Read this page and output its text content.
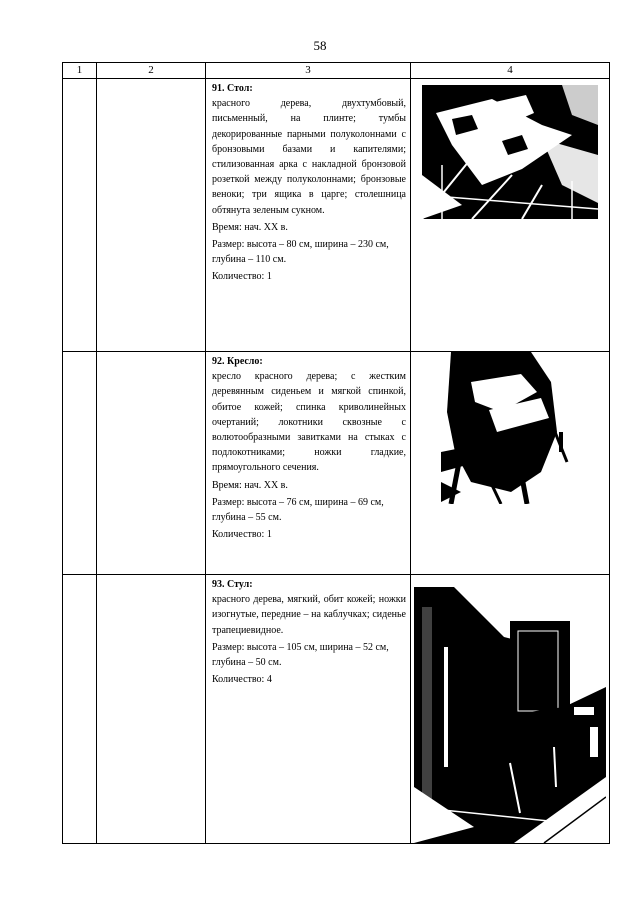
58
1	2	3	4

		91. Стол:
красного дерева, двухтумбовый, письменный, на плинте; тумбы декорированные парными полуколоннами с бронзовыми базами и капителями; стилизованная арка с накладной бронзовой розеткой между полуколоннами; бронзовые веноки; три ящика в царге; столешница обтянута зеленым сукном.

Время: нач. XX в.

Размер: высота – 80 см, ширина – 230 см, глубина – 110 см.

Количество: 1

		92. Кресло:
кресло красного дерева; с жестким деревянным сиденьем и мягкой спинкой, обитое кожей; спинка криволинейных очертаний; локотники сквозные с волютообразными завитками на стыках с подлокотниками; ножки гладкие, прямоугольного сечения.

Время: нач. XX в.

Размер: высота – 76 см, ширина – 69 см, глубина – 55 см.

Количество: 1

		93. Стул:
красного дерева, мягкий, обит кожей; ножки изогнутые, передние – на каблучках; сиденье трапециевидное.

Размер: высота – 105 см, ширина – 52 см, глубина – 50 см.

Количество: 4
